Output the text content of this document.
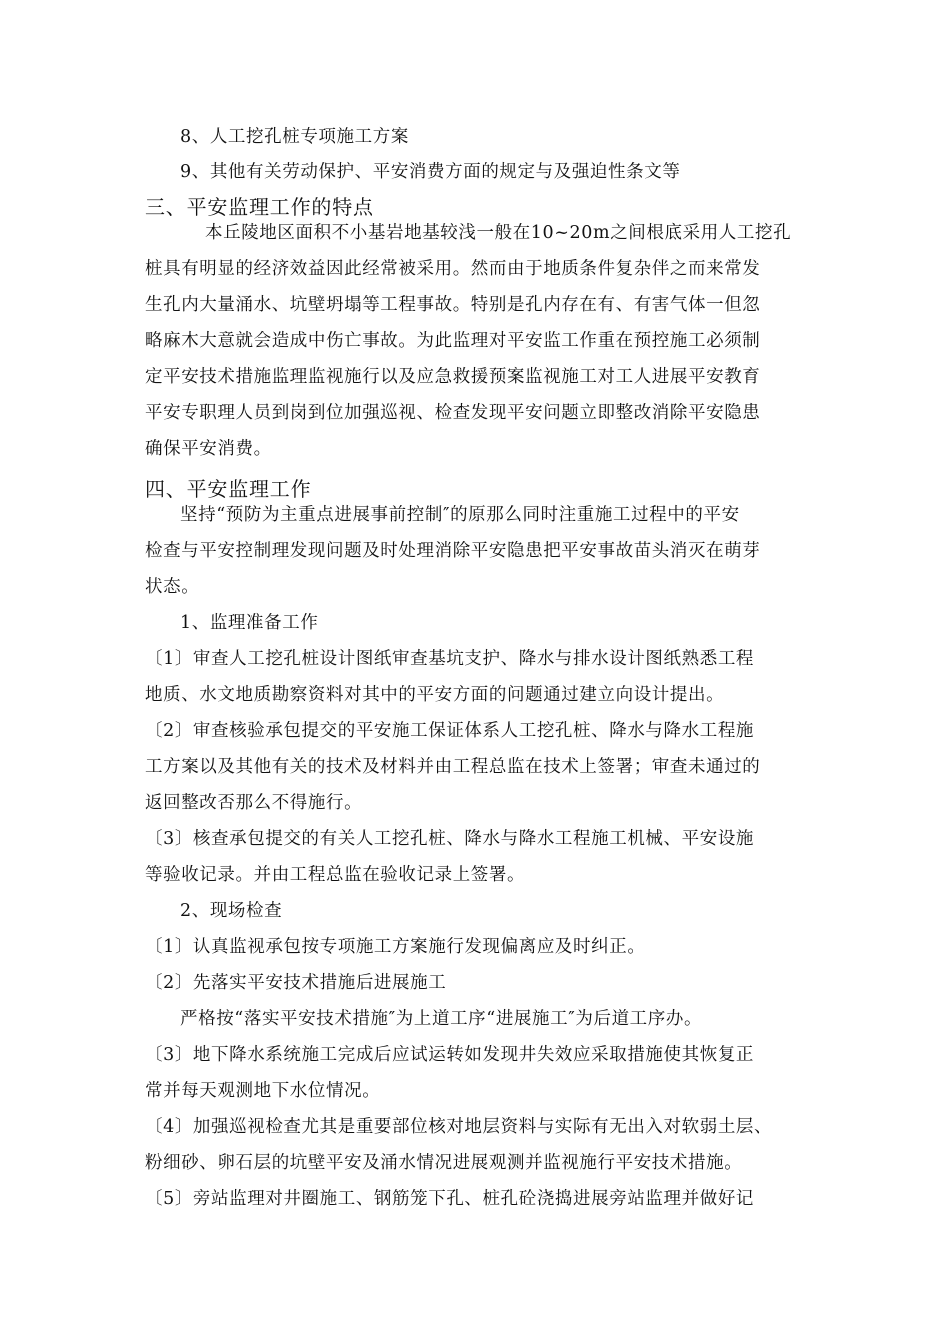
8、人工挖孔桩专项施工方案
9、其他有关劳动保护、平安消费方面的规定与及强迫性条文等
三、平安监理工作的特点
本丘陵地区面积不小基岩地基较浅一般在10~20m之间根底采用人工挖孔
桩具有明显的经济效益因此经常被采用。然而由于地质条件复杂伴之而来常发
生孔内大量涌水、坑壁坍塌等工程事故。特别是孔内存在有、有害气体一但忽
略麻木大意就会造成中伤亡事故。为此监理对平安监工作重在预控施工必须制
定平安技术措施监理监视施行以及应急救援预案监视施工对工人进展平安教育
平安专职理人员到岗到位加强巡视、检查发现平安问题立即整改消除平安隐患
确保平安消费。
四、平安监理工作
坚持“预防为主重点进展事前控制″的原那么同时注重施工过程中的平安
检查与平安控制理发现问题及时处理消除平安隐患把平安事故苗头消灭在萌芽
状态。
1、监理准备工作
〔1〕审查人工挖孔桩设计图纸审查基坑支护、降水与排水设计图纸熟悉工程
地质、水文地质勘察资料对其中的平安方面的问题通过建立向设计提出。
〔2〕审查核验承包提交的平安施工保证体系人工挖孔桩、降水与降水工程施
工方案以及其他有关的技术及材料并由工程总监在技术上签署；审查未通过的
返回整改否那么不得施行。
〔3〕核查承包提交的有关人工挖孔桩、降水与降水工程施工机械、平安设施
等验收记录。并由工程总监在验收记录上签署。
2、现场检查
〔1〕认真监视承包按专项施工方案施行发现偏离应及时纠正。
〔2〕先落实平安技术措施后进展施工
严格按“落实平安技术措施″为上道工序“进展施工″为后道工序办。
〔3〕地下降水系统施工完成后应试运转如发现井失效应采取措施使其恢复正
常并每天观测地下水位情况。
〔4〕加强巡视检查尤其是重要部位核对地层资料与实际有无出入对软弱土层、
粉细砂、卵石层的坑壁平安及涌水情况进展观测并监视施行平安技术措施。
〔5〕旁站监理对井圈施工、钢筋笼下孔、桩孔砼浇捣进展旁站监理并做好记
